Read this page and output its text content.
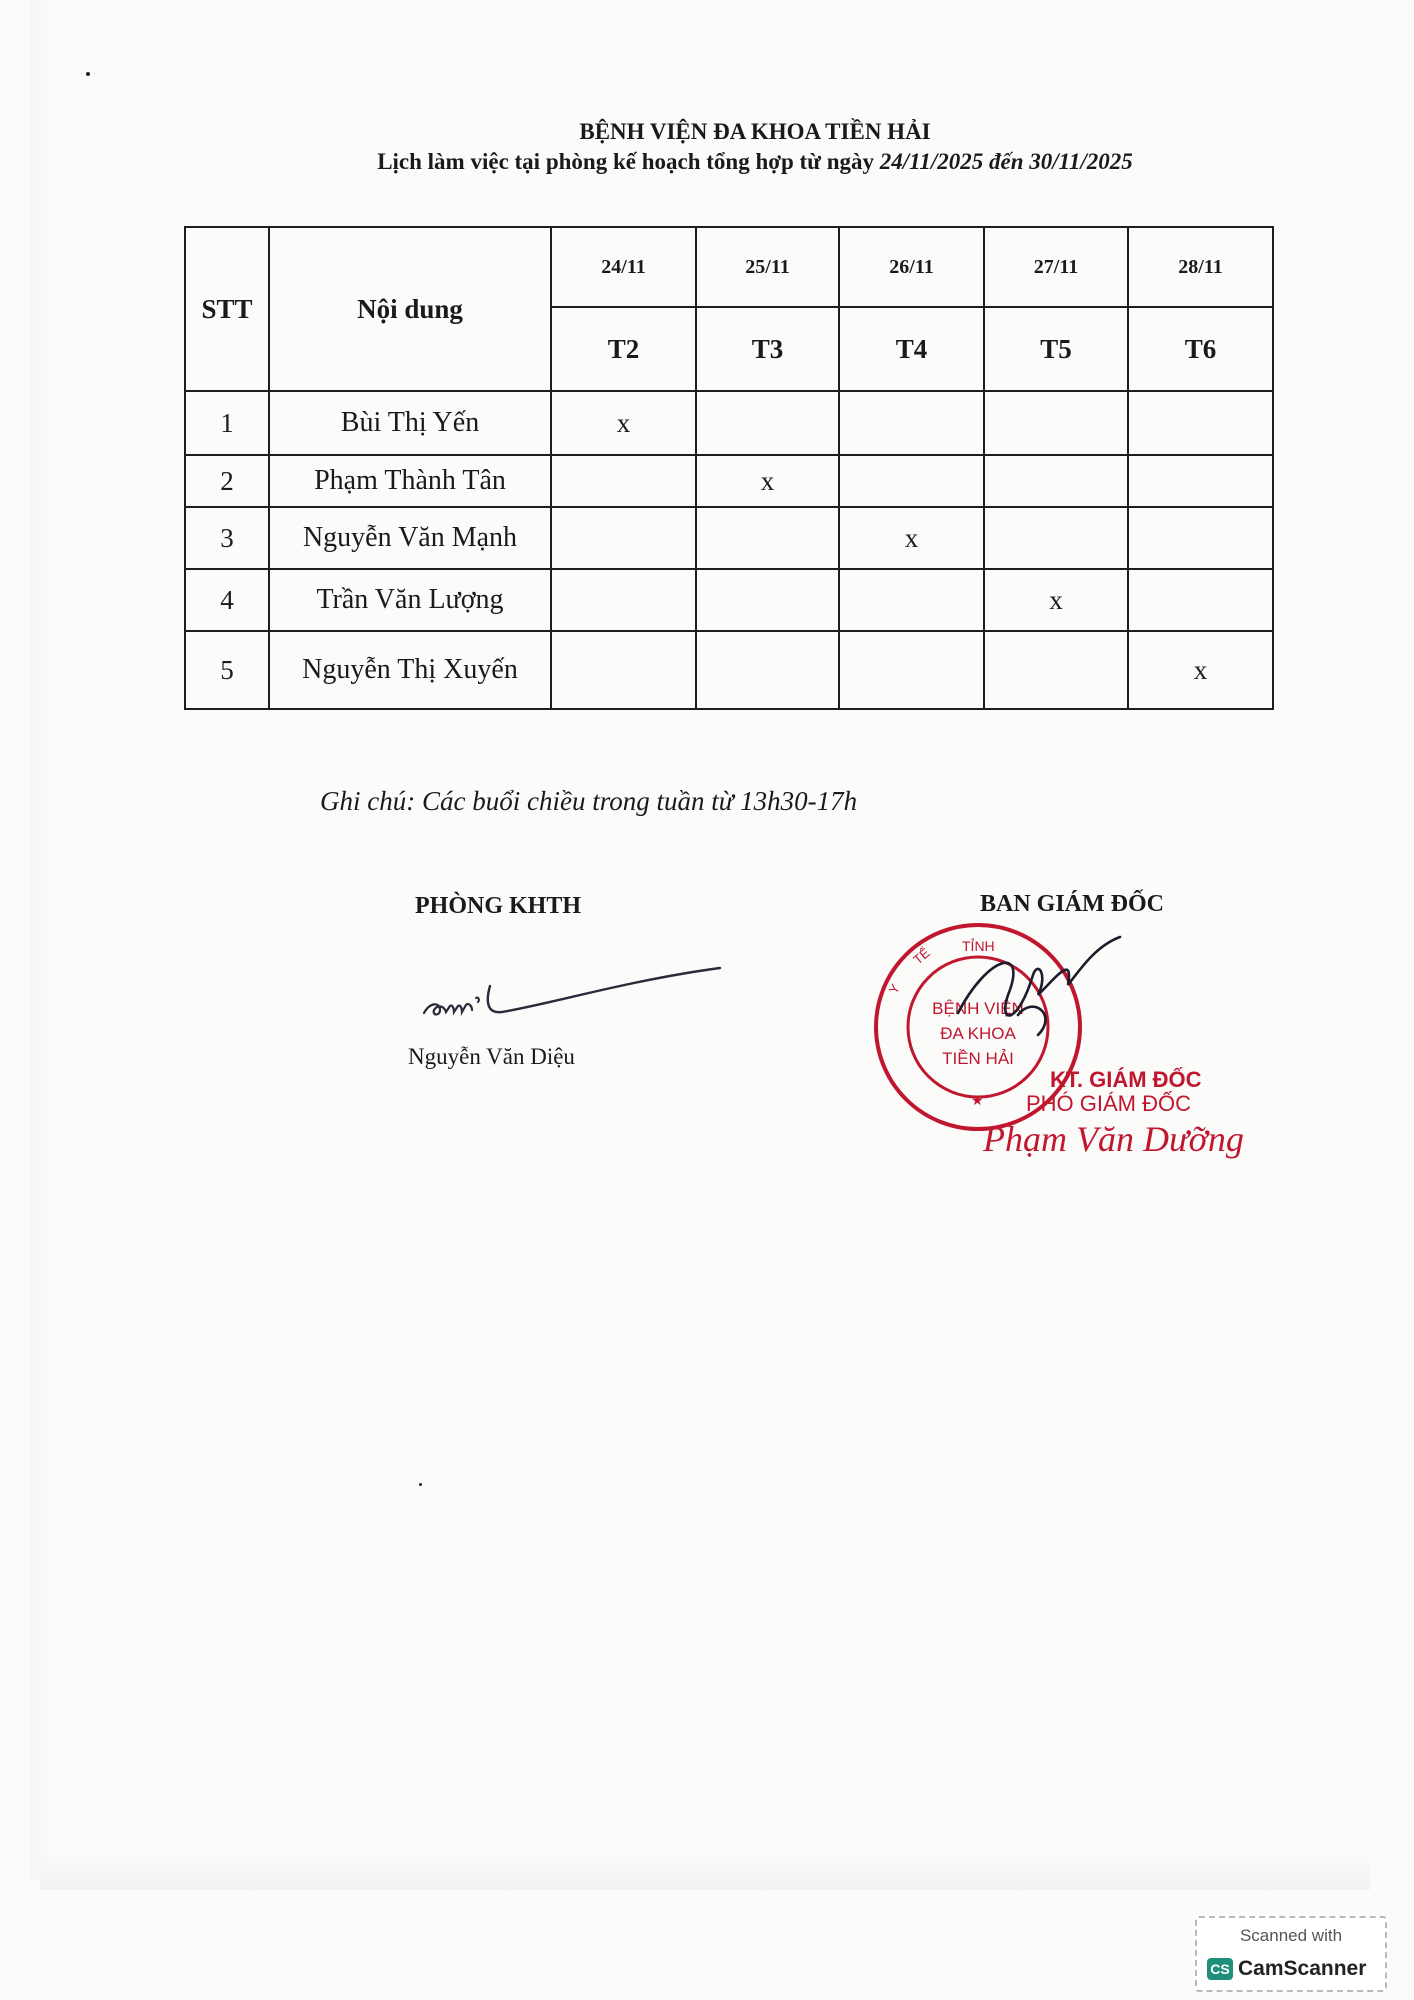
BỆNH VIỆN ĐA KHOA TIỀN HẢI
Lịch làm việc tại phòng kế hoạch tổng hợp từ ngày 24/11/2025 đến 30/11/2025
STT	Nội dung	24/11	25/11	26/11	27/11	28/11
		T2	T3	T4	T5	T6
1	Bùi Thị Yến	x				
2	Phạm Thành Tân		x			
3	Nguyễn Văn Mạnh			x		
4	Trần Văn Lượng				x	
5	Nguyễn Thị Xuyến					x
Ghi chú: Các buổi chiều trong tuần từ 13h30-17h
PHÒNG KHTH	BAN GIÁM ĐỐC
Nguyễn Văn Diệu
TỈNH
Y
TẾ
BỆNH VIỆN
ĐA KHOA
TIỀN HẢI
★
KT. GIÁM ĐỐC
PHÓ GIÁM ĐỐC
Phạm Văn Dưỡng
Scanned with
CS CamScanner
